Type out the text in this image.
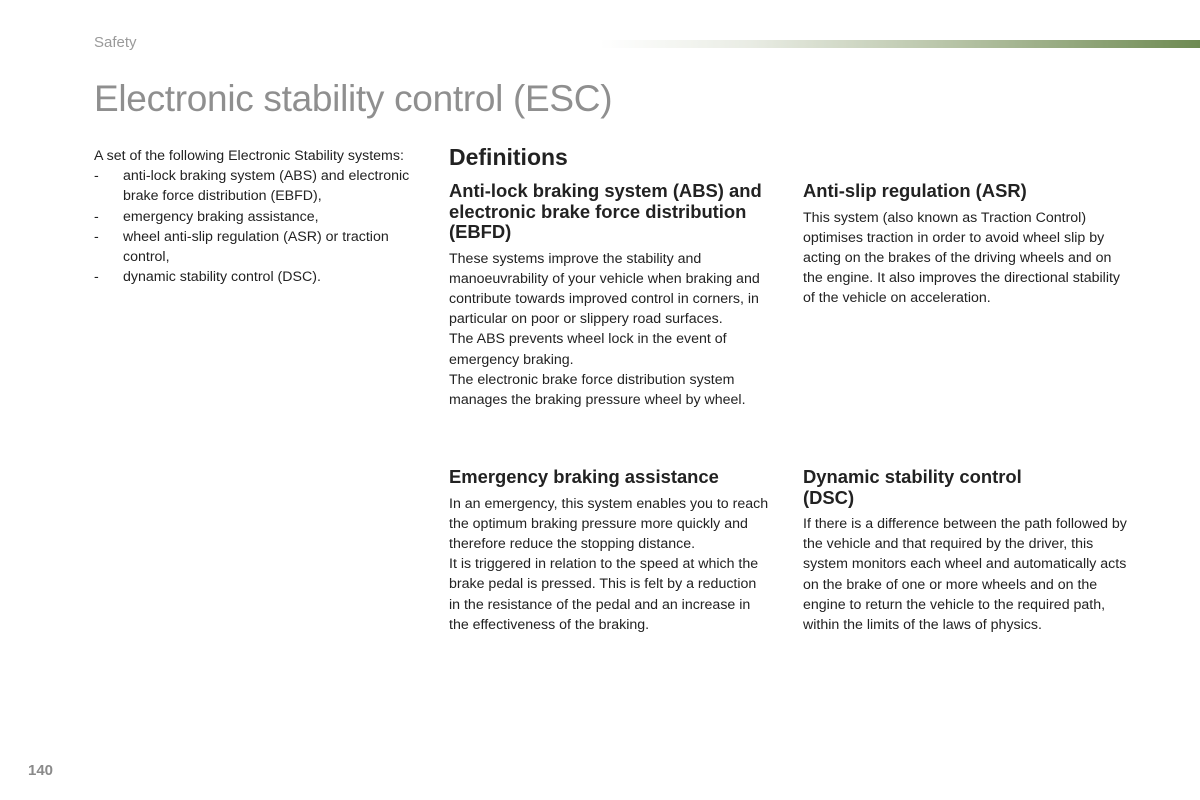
Safety
Electronic stability control (ESC)

A set of the following Electronic Stability systems:

- anti-lock braking system (ABS) and electronic brake force distribution (EBFD),
- emergency braking assistance,
- wheel anti-slip regulation (ASR) or traction control,
- dynamic stability control (DSC).
Definitions
Anti-lock braking system (ABS) and electronic brake force distribution (EBFD)

These systems improve the stability and manoeuvrability of your vehicle when braking and contribute towards improved control in corners, in particular on poor or slippery road surfaces.

The ABS prevents wheel lock in the event of emergency braking.

The electronic brake force distribution system manages the braking pressure wheel by wheel.

Anti-slip regulation (ASR)

This system (also known as Traction Control) optimises traction in order to avoid wheel slip by acting on the brakes of the driving wheels and on the engine. It also improves the directional stability of the vehicle on acceleration.

Emergency braking assistance

In an emergency, this system enables you to reach the optimum braking pressure more quickly and therefore reduce the stopping distance.

It is triggered in relation to the speed at which the brake pedal is pressed. This is felt by a reduction in the resistance of the pedal and an increase in the effectiveness of the braking.

Dynamic stability control (DSC)

If there is a difference between the path followed by the vehicle and that required by the driver, this system monitors each wheel and automatically acts on the brake of one or more wheels and on the engine to return the vehicle to the required path, within the limits of the laws of physics.

140
